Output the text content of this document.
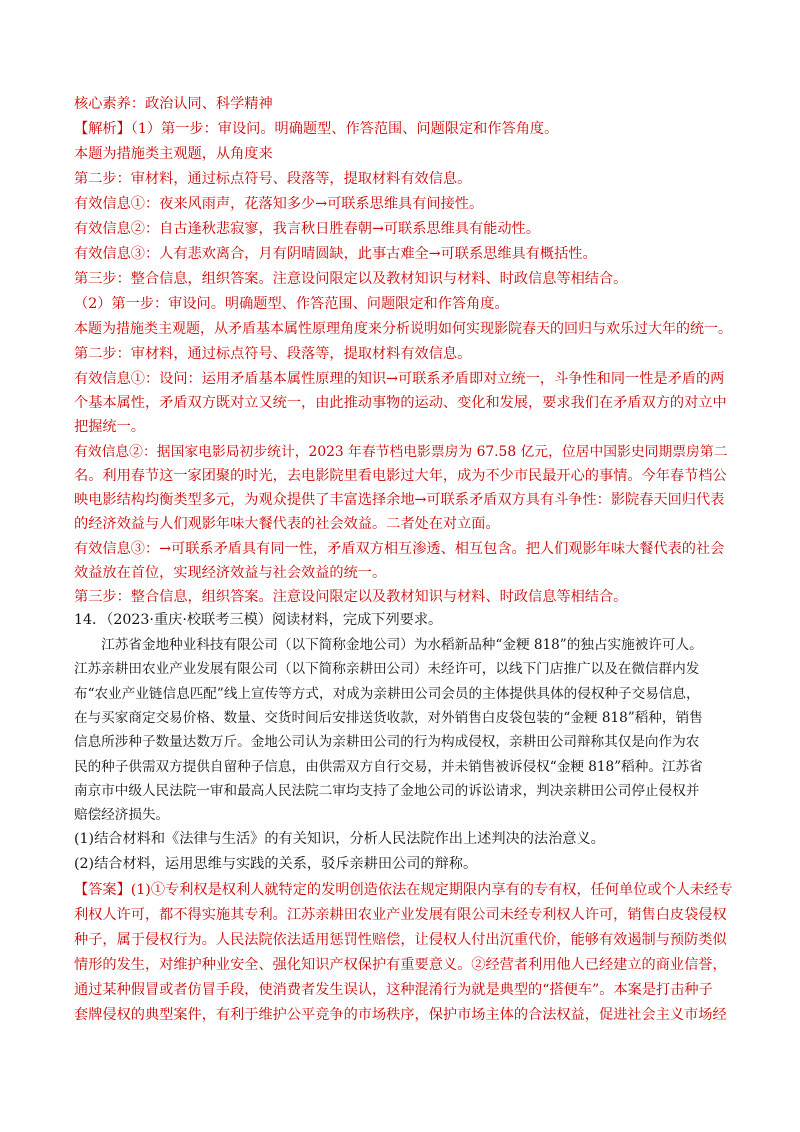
核心素养：政治认同、科学精神
【解析】（1）第一步：审设问。明确题型、作答范围、问题限定和作答角度。
本题为措施类主观题，从角度来
第二步：审材料，通过标点符号、段落等，提取材料有效信息。
有效信息①：夜来风雨声，花落知多少→可联系思维具有间接性。
有效信息②：自古逢秋悲寂寥，我言秋日胜春朝→可联系思维具有能动性。
有效信息③：人有悲欢离合，月有阴晴圆缺，此事古难全→可联系思维具有概括性。
第三步：整合信息，组织答案。注意设问限定以及教材知识与材料、时政信息等相结合。
（2）第一步：审设问。明确题型、作答范围、问题限定和作答角度。
本题为措施类主观题，从矛盾基本属性原理角度来分析说明如何实现影院春天的回归与欢乐过大年的统一。
第二步：审材料，通过标点符号、段落等，提取材料有效信息。
有效信息①：设问：运用矛盾基本属性原理的知识→可联系矛盾即对立统一，斗争性和同一性是矛盾的两
个基本属性，矛盾双方既对立又统一，由此推动事物的运动、变化和发展，要求我们在矛盾双方的对立中
把握统一。
有效信息②：据国家电影局初步统计，2023 年春节档电影票房为 67.58 亿元，位居中国影史同期票房第二
名。利用春节这一家团聚的时光，去电影院里看电影过大年，成为不少市民最开心的事情。今年春节档公
映电影结构均衡类型多元，为观众提供了丰富选择余地→可联系矛盾双方具有斗争性：影院春天回归代表
的经济效益与人们观影年味大餐代表的社会效益。二者处在对立面。
有效信息③：→可联系矛盾具有同一性，矛盾双方相互渗透、相互包含。把人们观影年味大餐代表的社会
效益放在首位，实现经济效益与社会效益的统一。
第三步：整合信息，组织答案。注意设问限定以及教材知识与材料、时政信息等相结合。
14．（2023·重庆·校联考三模）阅读材料，完成下列要求。
　　江苏省金地种业科技有限公司（以下简称金地公司）为水稻新品种“金粳 818”的独占实施被许可人。
江苏亲耕田农业产业发展有限公司（以下简称亲耕田公司）未经许可，以线下门店推广以及在微信群内发
布“农业产业链信息匹配”线上宣传等方式，对成为亲耕田公司会员的主体提供具体的侵权种子交易信息，
在与买家商定交易价格、数量、交货时间后安排送货收款，对外销售白皮袋包装的“金粳 818”稻种，销售
信息所涉种子数量达数万斤。金地公司认为亲耕田公司的行为构成侵权，亲耕田公司辩称其仅是向作为农
民的种子供需双方提供自留种子信息，由供需双方自行交易，并未销售被诉侵权“金粳 818”稻种。江苏省
南京市中级人民法院一审和最高人民法院二审均支持了金地公司的诉讼请求，判决亲耕田公司停止侵权并
赔偿经济损失。
(1)结合材料和《法律与生活》的有关知识，分析人民法院作出上述判决的法治意义。
(2)结合材料，运用思维与实践的关系，驳斥亲耕田公司的辩称。
【答案】(1)①专利权是权利人就特定的发明创造依法在规定期限内享有的专有权，任何单位或个人未经专
利权人许可，都不得实施其专利。江苏亲耕田农业产业发展有限公司未经专利权人许可，销售白皮袋侵权
种子，属于侵权行为。人民法院依法适用惩罚性赔偿，让侵权人付出沉重代价，能够有效遏制与预防类似
情形的发生，对维护种业安全、强化知识产权保护有重要意义。②经营者利用他人已经建立的商业信誉，
通过某种假冒或者仿冒手段，使消费者发生误认，这种混淆行为就是典型的“搭便车”。本案是打击种子
套牌侵权的典型案件，有利于维护公平竞争的市场秩序，保护市场主体的合法权益，促进社会主义市场经
